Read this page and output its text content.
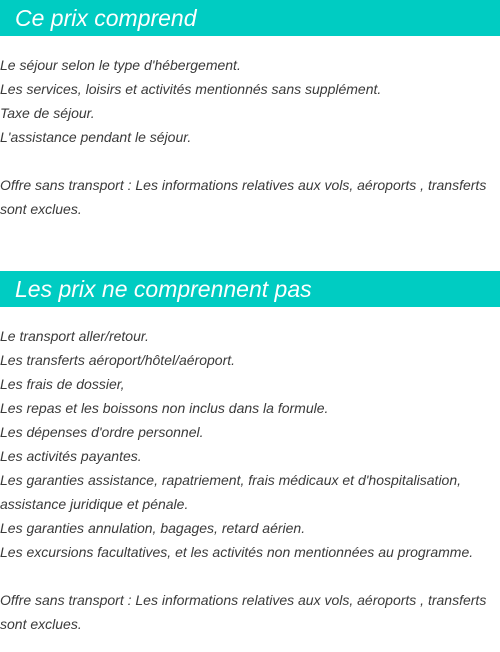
Ce prix comprend

Le séjour selon le type d'hébergement.

Les services, loisirs et activités mentionnés sans supplément.

Taxe de séjour.

L'assistance pendant le séjour.

Offre sans transport : Les informations relatives aux vols, aéroports , transferts

sont exclues.

Les prix ne comprennent pas

Le transport aller/retour.

Les transferts aéroport/hôtel/aéroport.

Les frais de dossier,

Les repas et les boissons non inclus dans la formule.

Les dépenses d'ordre personnel.

Les activités payantes.

Les garanties assistance, rapatriement, frais médicaux et d'hospitalisation,

assistance juridique et pénale.

Les garanties annulation, bagages, retard aérien.

Les excursions facultatives, et les activités non mentionnées au programme.

Offre sans transport : Les informations relatives aux vols, aéroports , transferts

sont exclues.
